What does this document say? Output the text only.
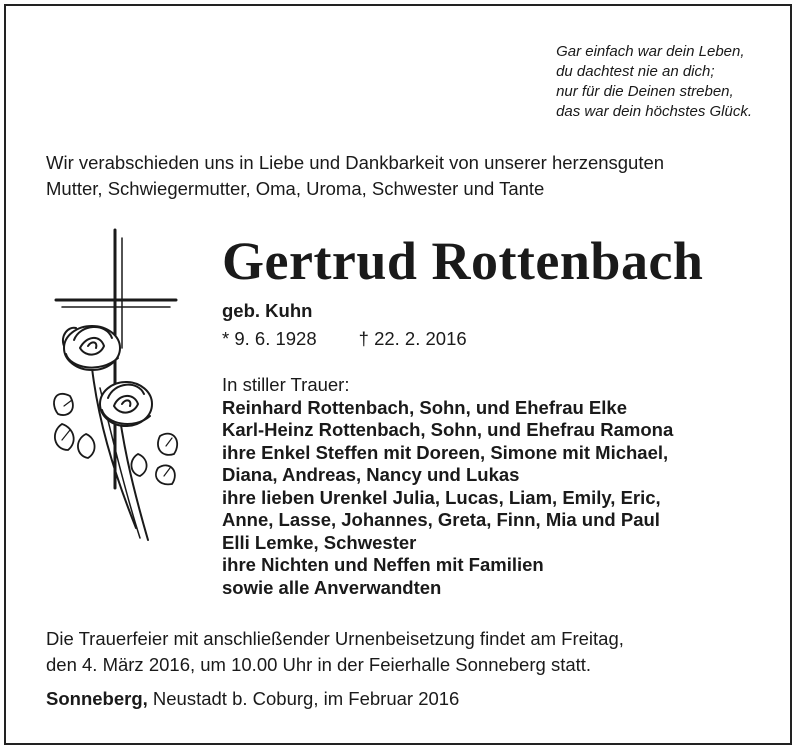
Gar einfach war dein Leben,
du dachtest nie an dich;
nur für die Deinen streben,
das war dein höchstes Glück.
Wir verabschieden uns in Liebe und Dankbarkeit von unserer herzensguten
Mutter, Schwiegermutter, Oma, Uroma, Schwester und Tante
Gertrud Rottenbach
geb. Kuhn
* 9. 6. 1928 † 22. 2. 2016
In stiller Trauer:
Reinhard Rottenbach, Sohn, und Ehefrau Elke
Karl-Heinz Rottenbach, Sohn, und Ehefrau Ramona
ihre Enkel Steffen mit Doreen, Simone mit Michael,
Diana, Andreas, Nancy und Lukas
ihre lieben Urenkel Julia, Lucas, Liam, Emily, Eric,
Anne, Lasse, Johannes, Greta, Finn, Mia und Paul
Elli Lemke, Schwester
ihre Nichten und Neffen mit Familien
sowie alle Anverwandten
Die Trauerfeier mit anschließender Urnenbeisetzung findet am Freitag,
den 4. März 2016, um 10.00 Uhr in der Feierhalle Sonneberg statt.
Sonneberg, Neustadt b. Coburg, im Februar 2016
